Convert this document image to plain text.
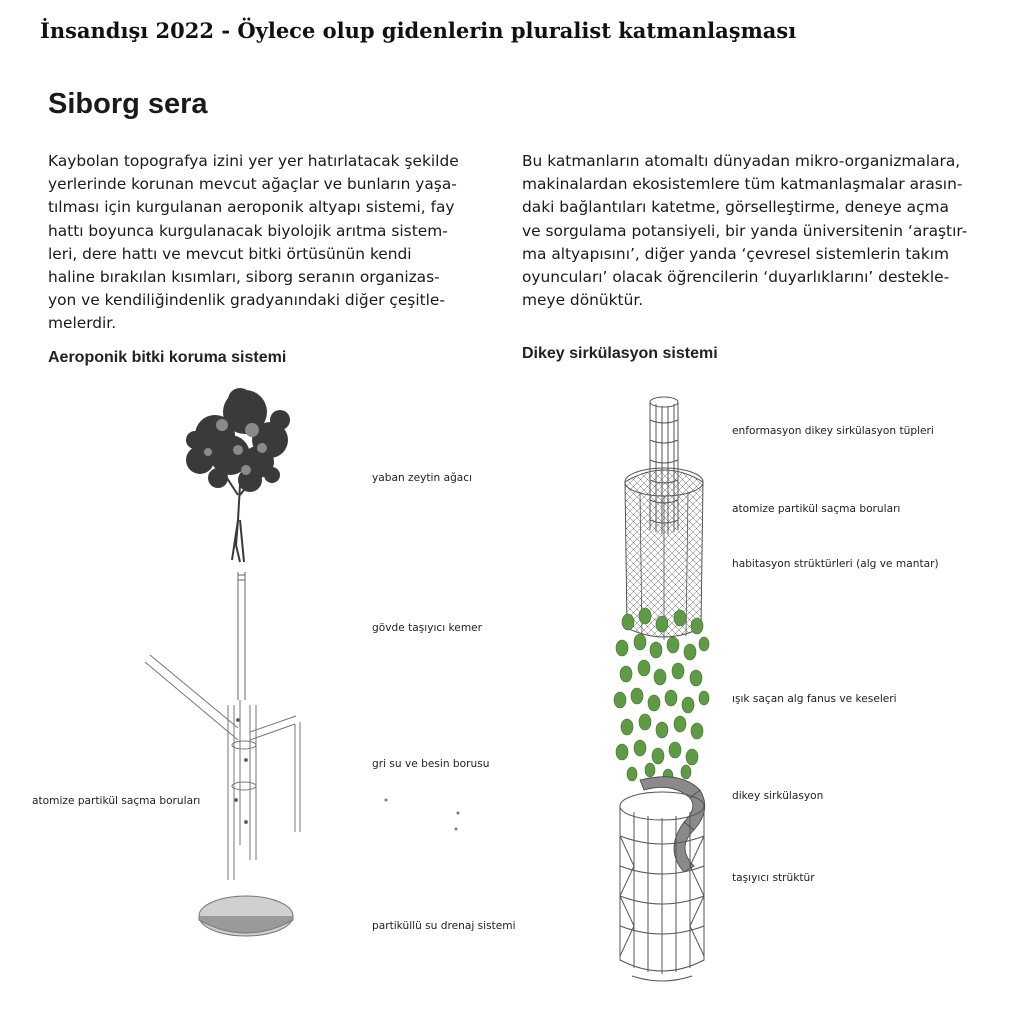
İnsandışı 2022 - Öylece olup gidenlerin pluralist katmanlaşması
Siborg sera
Kaybolan topografya izini yer yer hatırlatacak şekilde
yerlerinde korunan mevcut ağaçlar ve bunların yaşa-
tılması için kurgulanan aeroponik altyapı sistemi, fay
hattı boyunca kurgulanacak biyolojik arıtma sistem-
leri, dere hattı ve mevcut bitki örtüsünün kendi
haline bırakılan kısımları, siborg seranın organizas-
yon ve kendiliğindenlik gradyanındaki diğer çeşitle-
melerdir.
Bu katmanların atomaltı dünyadan mikro-organizmalara,
makinalardan ekosistemlere tüm katmanlaşmalar arasın-
daki bağlantıları katetme, görselleştirme, deneye açma
ve sorgulama potansiyeli, bir yanda üniversitenin ‘araştır-
ma altyapısını’, diğer yanda ‘çevresel sistemlerin takım
oyuncuları’ olacak öğrencilerin ‘duyarlıklarını’ destekle-
meye dönüktür.
Aeroponik bitki koruma sistemi	Dikey sirkülasyon sistemi
yaban zeytin ağacı
gövde taşıyıcı kemer
gri su ve besin borusu
atomize partikül saçma boruları
partiküllü su drenaj sistemi
enformasyon dikey sirkülasyon tüpleri
atomize partikül saçma boruları
habitasyon strüktürleri (alg ve mantar)
ışık saçan alg fanus ve keseleri
dikey sirkülasyon
taşıyıcı strüktür
